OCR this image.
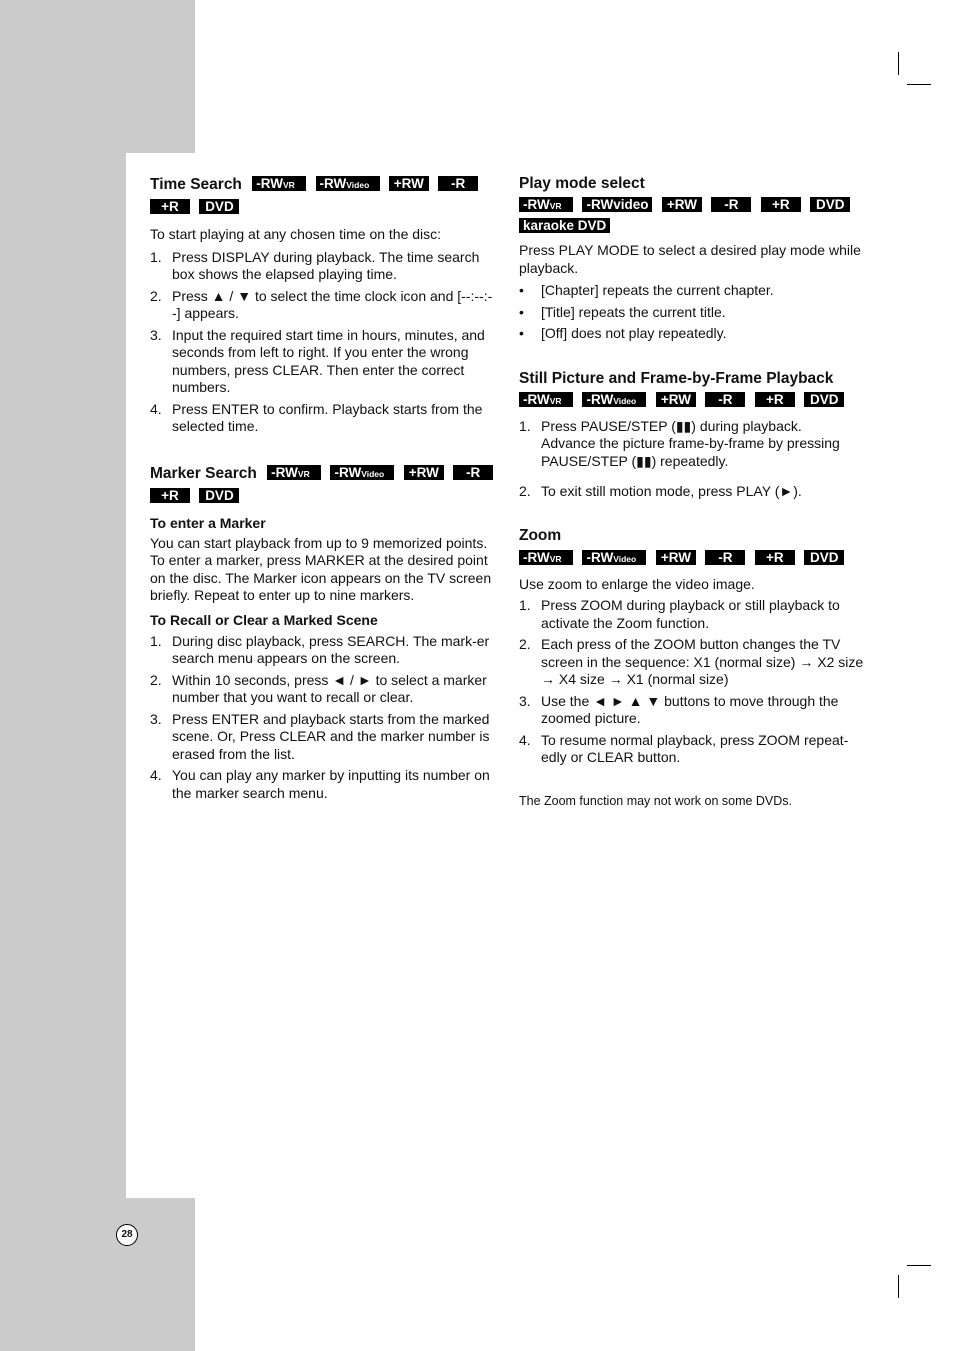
28
Time Search -RWVR -RWVideo +RW -R
+R DVD

To start playing at any chosen time on the disc:

1. Press DISPLAY during playback. The time search box shows the elapsed playing time.
2. Press ▲ / ▼ to select the time clock icon and [--:--:--] appears.
3. Input the required start time in hours, minutes, and seconds from left to right. If you enter the wrong numbers, press CLEAR. Then enter the correct numbers.
4. Press ENTER to confirm. Playback starts from the selected time.
Marker Search -RWVR -RWVideo +RW -R
+R DVD
To enter a Marker

You can start playback from up to 9 memorized points. To enter a marker, press MARKER at the desired point on the disc. The Marker icon appears on the TV screen briefly. Repeat to enter up to nine markers.

To Recall or Clear a Marked Scene
1. During disc playback, press SEARCH. The mark-er search menu appears on the screen.
2. Within 10 seconds, press ◄ / ► to select a marker number that you want to recall or clear.
3. Press ENTER and playback starts from the marked scene. Or, Press CLEAR and the marker number is erased from the list.
4. You can play any marker by inputting its number on the marker search menu.
Play mode select
-RWVR -RWvideo +RW -R +R DVD
karaoke DVD

Press PLAY MODE to select a desired play mode while playback.

• [Chapter] repeats the current chapter.
• [Title] repeats the current title.
• [Off] does not play repeatedly.
Still Picture and Frame-by-Frame Playback
-RWVR -RWVideo +RW -R +R DVD
1. Press PAUSE/STEP (▮▮) during playback.
Advance the picture frame-by-frame by pressing PAUSE/STEP (▮▮) repeatedly.
2. To exit still motion mode, press PLAY (►).
Zoom
-RWVR -RWVideo +RW -R +R DVD

Use zoom to enlarge the video image.

1. Press ZOOM during playback or still playback to activate the Zoom function.
2. Each press of the ZOOM button changes the TV screen in the sequence: X1 (normal size) → X2 size → X4 size → X1 (normal size)
3. Use the ◄ ► ▲ ▼ buttons to move through the zoomed picture.
4. To resume normal playback, press ZOOM repeat-edly or CLEAR button.

The Zoom function may not work on some DVDs.
